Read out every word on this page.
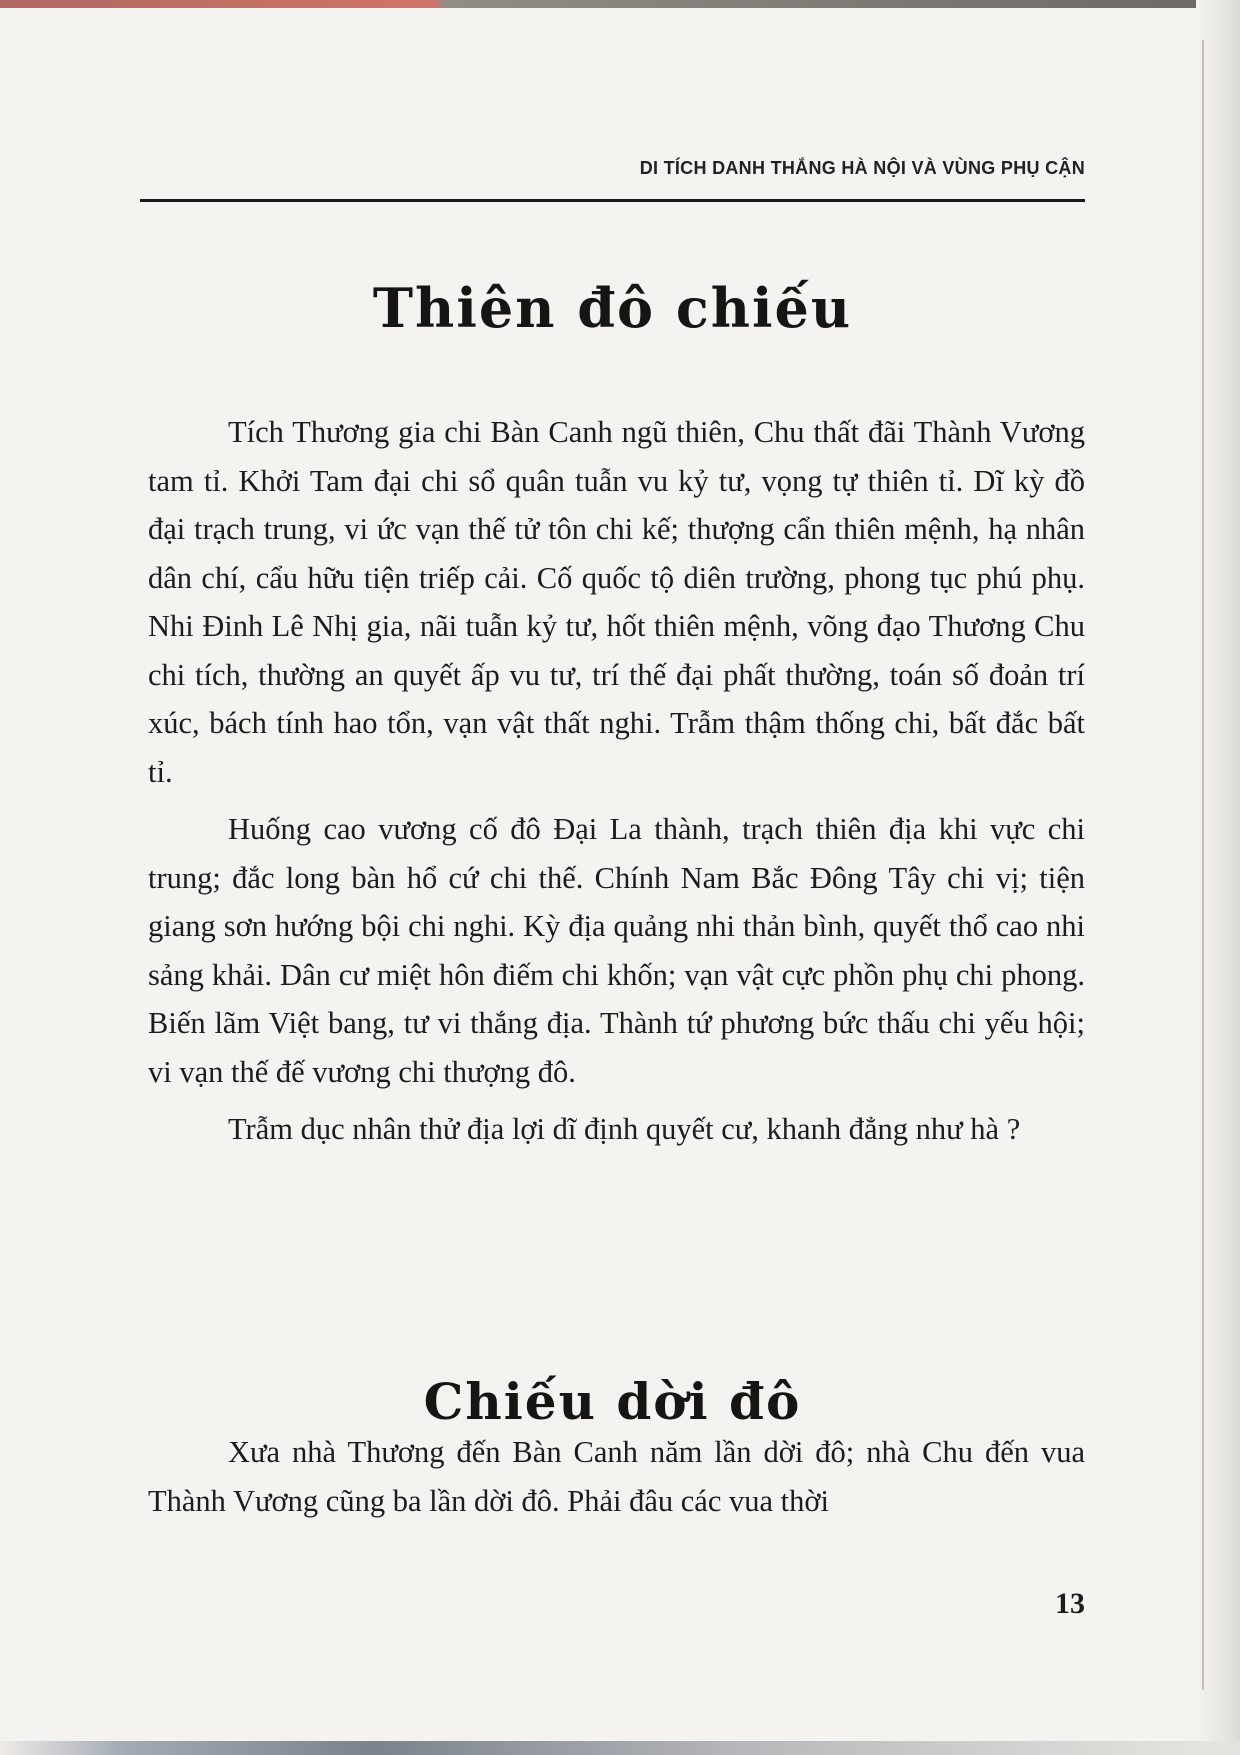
DI TÍCH DANH THẮNG HÀ NỘI VÀ VÙNG PHỤ CẬN
Thiên đô chiếu

Tích Thương gia chi Bàn Canh ngũ thiên, Chu thất đãi Thành Vương tam tỉ. Khởi Tam đại chi sổ quân tuẫn vu kỷ tư, vọng tự thiên tỉ. Dĩ kỳ đồ đại trạch trung, vi ức vạn thế tử tôn chi kế; thượng cẩn thiên mệnh, hạ nhân dân chí, cẩu hữu tiện triếp cải. Cố quốc tộ diên trường, phong tục phú phụ. Nhi Đinh Lê Nhị gia, nãi tuẫn kỷ tư, hốt thiên mệnh, võng đạo Thương Chu chi tích, thường an quyết ấp vu tư, trí thế đại phất thường, toán số đoản trí xúc, bách tính hao tổn, vạn vật thất nghi. Trẫm thậm thống chi, bất đắc bất tỉ.

Huống cao vương cố đô Đại La thành, trạch thiên địa khi vực chi trung; đắc long bàn hổ cứ chi thế. Chính Nam Bắc Đông Tây chi vị; tiện giang sơn hướng bội chi nghi. Kỳ địa quảng nhi thản bình, quyết thổ cao nhi sảng khải. Dân cư miệt hôn điếm chi khốn; vạn vật cực phồn phụ chi phong. Biến lãm Việt bang, tư vi thắng địa. Thành tứ phương bức thấu chi yếu hội; vi vạn thế đế vương chi thượng đô.

Trẫm dục nhân thử địa lợi dĩ định quyết cư, khanh đẳng như hà ?

Chiếu dời đô

Xưa nhà Thương đến Bàn Canh năm lần dời đô; nhà Chu đến vua Thành Vương cũng ba lần dời đô. Phải đâu các vua thời

13
